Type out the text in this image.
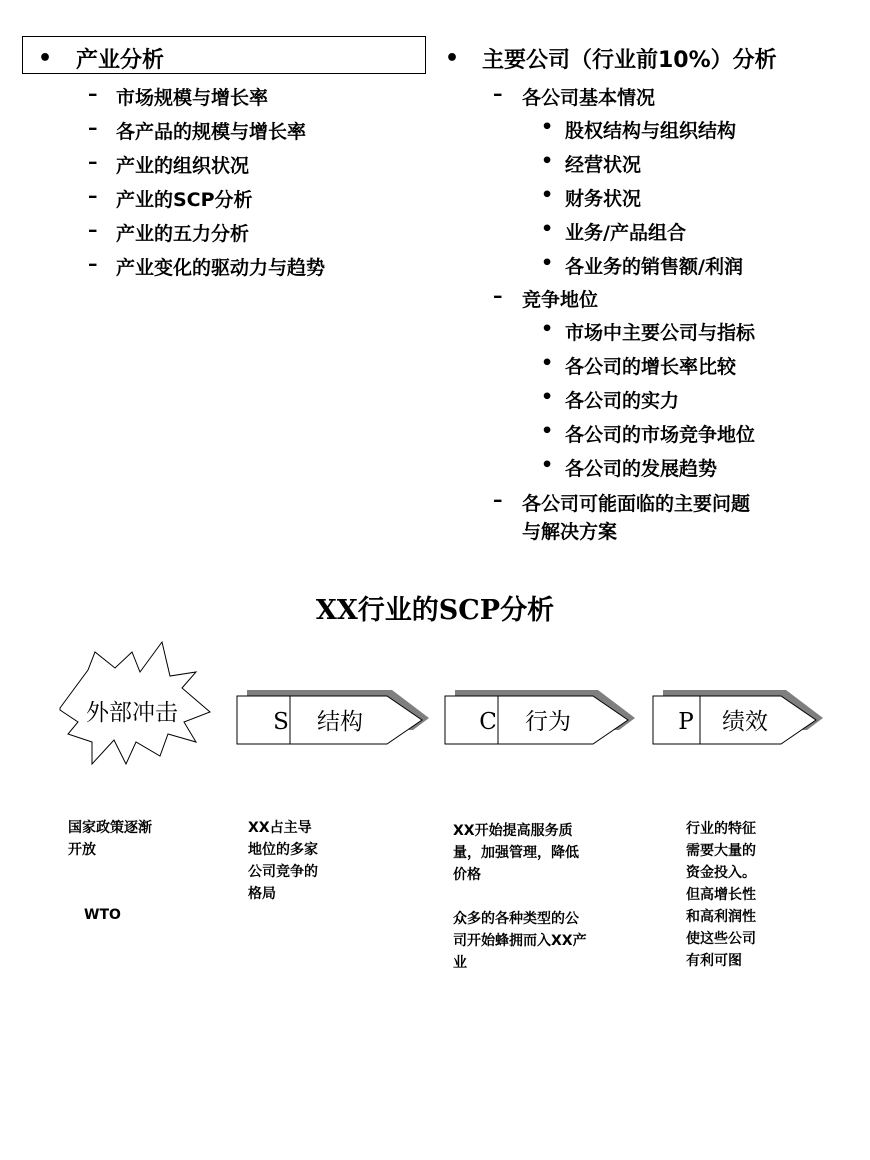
• 产业分析
– 市场规模与增长率
– 各产品的规模与增长率
– 产业的组织状况
– 产业的SCP分析
– 产业的五力分析
– 产业变化的驱动力与趋势
• 主要公司（行业前10%）分析
– 各公司基本情况
• 股权结构与组织结构
• 经营状况
• 财务状况
• 业务/产品组合
• 各业务的销售额/利润
– 竞争地位
• 市场中主要公司与指标
• 各公司的增长率比较
• 各公司的实力
• 各公司的市场竞争地位
• 各公司的发展趋势
– 各公司可能面临的主要问题
与解决方案
XX行业的SCP分析
外部冲击	S 结构	C 行为	P 绩效
国家政策逐渐
开放
WTO
XX占主导
地位的多家
公司竞争的
格局
XX开始提高服务质
量，加强管理，降低
价格
众多的各种类型的公
司开始蜂拥而入XX产
业
行业的特征
需要大量的
资金投入。
但高增长性
和高利润性
使这些公司
有利可图
